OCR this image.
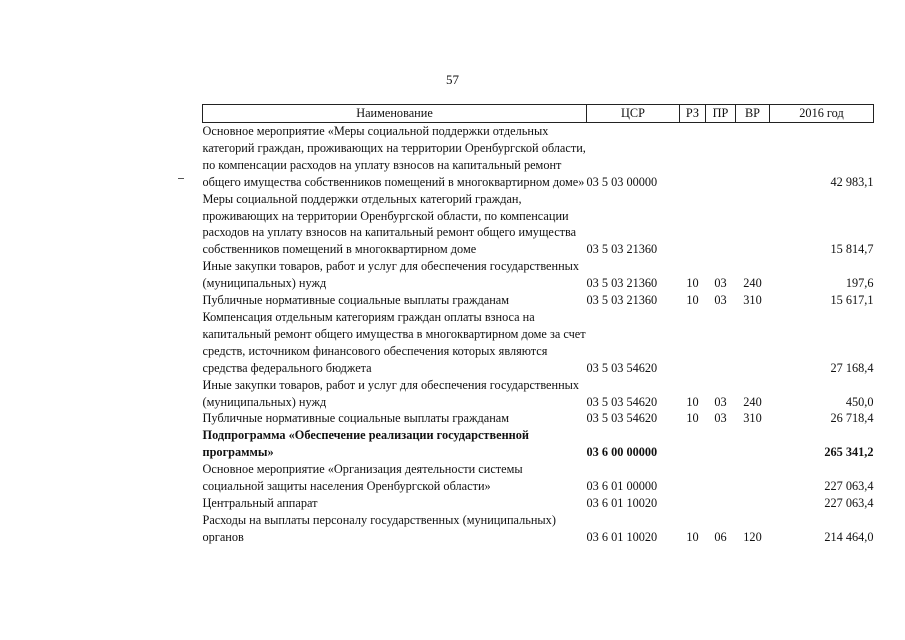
57
Наименование	ЦСР	РЗ	ПР	ВР	2016 год
Основное мероприятие «Меры социальной поддержки отдельных категорий граждан, проживающих на территории Оренбургской области, по компенсации расходов на уплату взносов на капитальный ремонт общего имущества собственников помещений в многоквартирном доме»	03 5 03 00000				42 983,1
Меры социальной поддержки отдельных категорий граждан, проживающих на территории Оренбургской области, по компенсации расходов на уплату взносов на капитальный ремонт общего имущества собственников помещений в многоквартирном доме	03 5 03 21360				15 814,7
Иные закупки товаров, работ и услуг для обеспечения государственных (муниципальных) нужд	03 5 03 21360	10	03	240	197,6
Публичные нормативные социальные выплаты гражданам	03 5 03 21360	10	03	310	15 617,1
Компенсация отдельным категориям граждан оплаты взноса на капитальный ремонт общего имущества в многоквартирном доме за счет средств, источником финансового обеспечения которых являются средства федерального бюджета	03 5 03 54620				27 168,4
Иные закупки товаров, работ и услуг для обеспечения государственных (муниципальных) нужд	03 5 03 54620	10	03	240	450,0
Публичные нормативные социальные выплаты гражданам	03 5 03 54620	10	03	310	26 718,4
Подпрограмма «Обеспечение реализации государственной программы»	03 6 00 00000				265 341,2
Основное мероприятие «Организация деятельности системы социальной защиты населения Оренбургской области»	03 6 01 00000				227 063,4
Центральный аппарат	03 6 01 10020				227 063,4
Расходы на выплаты персоналу государственных (муниципальных) органов	03 6 01 10020	10	06	120	214 464,0
